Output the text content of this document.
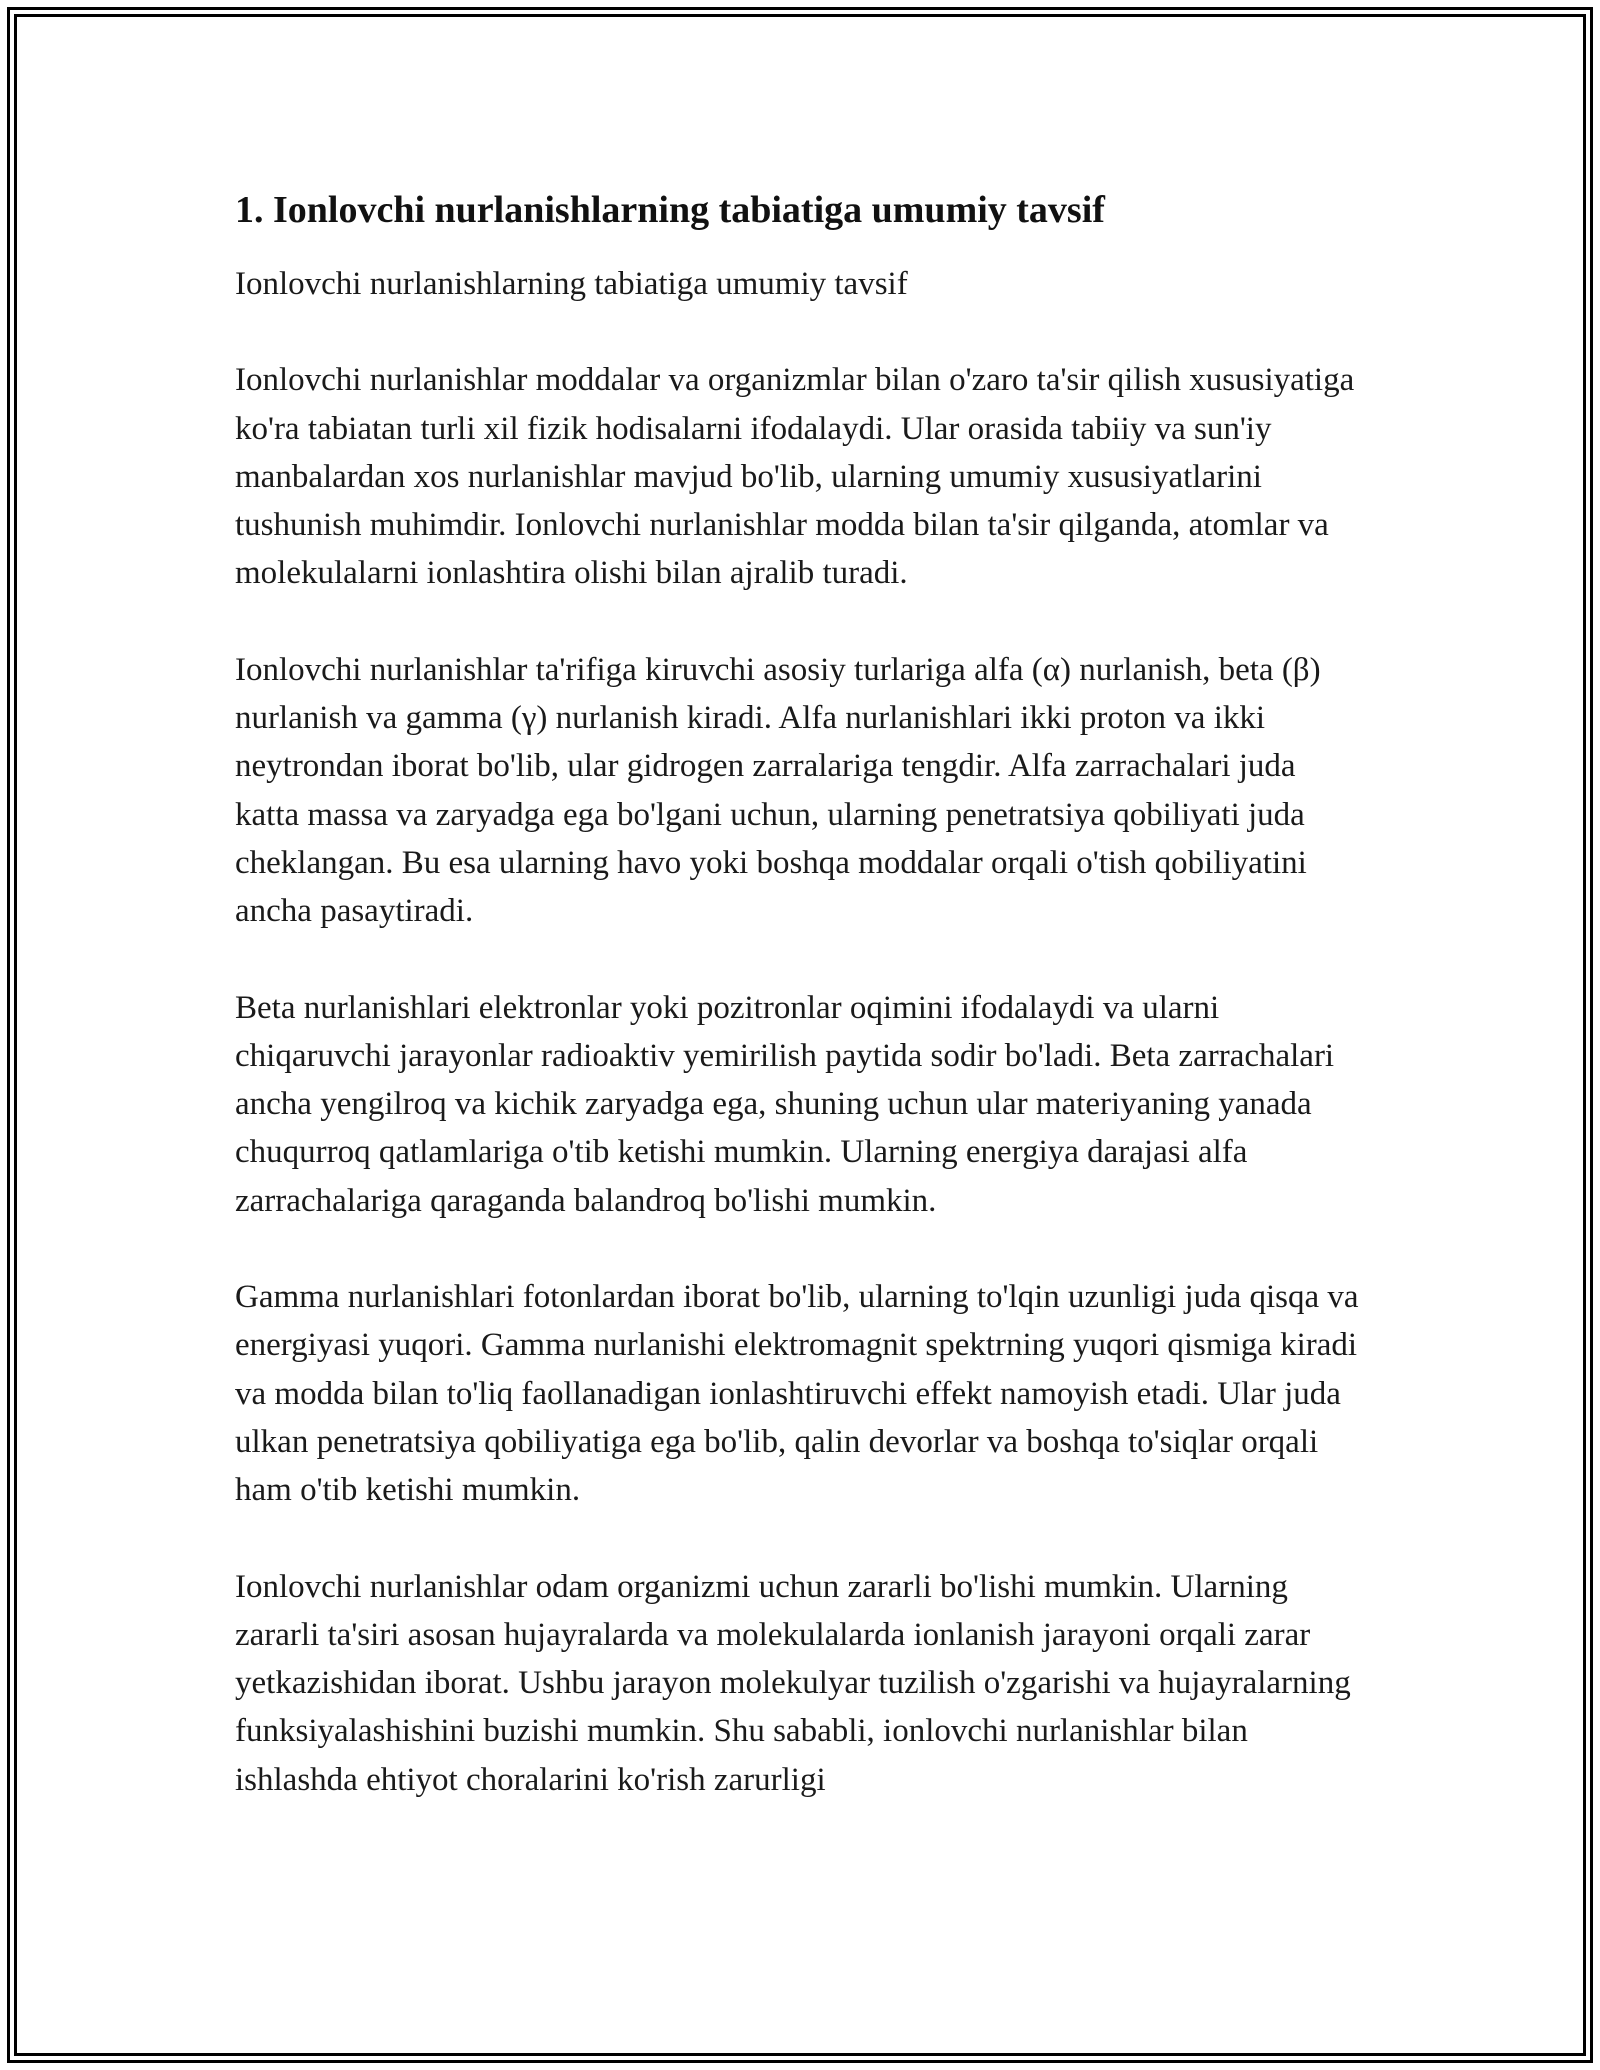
1. Ionlovchi nurlanishlarning tabiatiga umumiy tavsif

Ionlovchi nurlanishlarning tabiatiga umumiy tavsif

Ionlovchi nurlanishlar moddalar va organizmlar bilan o'zaro ta'sir qilish xususiyatiga ko'ra tabiatan turli xil fizik hodisalarni ifodalaydi. Ular orasida tabiiy va sun'iy manbalardan xos nurlanishlar mavjud bo'lib, ularning umumiy xususiyatlarini tushunish muhimdir. Ionlovchi nurlanishlar modda bilan ta'sir qilganda, atomlar va molekulalarni ionlashtira olishi bilan ajralib turadi.

Ionlovchi nurlanishlar ta'rifiga kiruvchi asosiy turlariga alfa (α) nurlanish, beta (β) nurlanish va gamma (γ) nurlanish kiradi. Alfa nurlanishlari ikki proton va ikki neytrondan iborat bo'lib, ular gidrogen zarralariga tengdir. Alfa zarrachalari juda katta massa va zaryadga ega bo'lgani uchun, ularning penetratsiya qobiliyati juda cheklangan. Bu esa ularning havo yoki boshqa moddalar orqali o'tish qobiliyatini ancha pasaytiradi.

Beta nurlanishlari elektronlar yoki pozitronlar oqimini ifodalaydi va ularni chiqaruvchi jarayonlar radioaktiv yemirilish paytida sodir bo'ladi. Beta zarrachalari ancha yengilroq va kichik zaryadga ega, shuning uchun ular materiyaning yanada chuqurroq qatlamlariga o'tib ketishi mumkin. Ularning energiya darajasi alfa zarrachalariga qaraganda balandroq bo'lishi mumkin.

Gamma nurlanishlari fotonlardan iborat bo'lib, ularning to'lqin uzunligi juda qisqa va energiyasi yuqori. Gamma nurlanishi elektromagnit spektrning yuqori qismiga kiradi va modda bilan to'liq faollanadigan ionlashtiruvchi effekt namoyish etadi. Ular juda ulkan penetratsiya qobiliyatiga ega bo'lib, qalin devorlar va boshqa to'siqlar orqali ham o'tib ketishi mumkin.

Ionlovchi nurlanishlar odam organizmi uchun zararli bo'lishi mumkin. Ularning zararli ta'siri asosan hujayralarda va molekulalarda ionlanish jarayoni orqali zarar yetkazishidan iborat. Ushbu jarayon molekulyar tuzilish o'zgarishi va hujayralarning funksiyalashishini buzishi mumkin. Shu sababli, ionlovchi nurlanishlar bilan ishlashda ehtiyot choralarini ko'rish zarurligi
